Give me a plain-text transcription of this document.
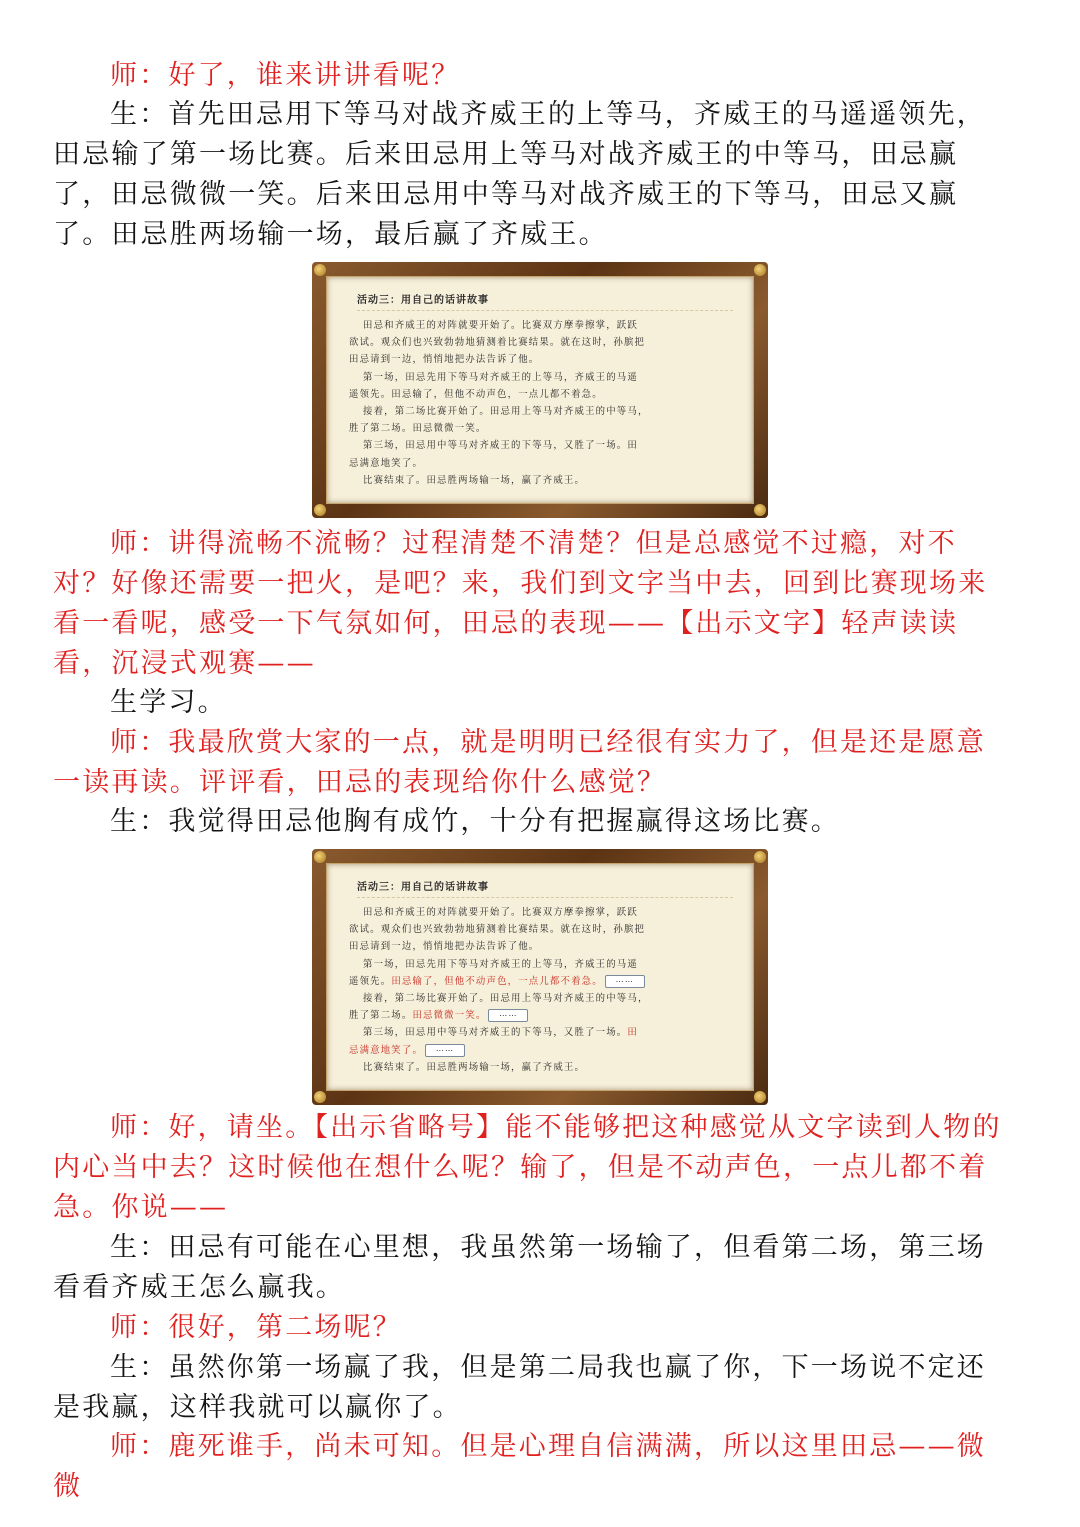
师：好了，谁来讲讲看呢？

生：首先田忌用下等马对战齐威王的上等马，齐威王的马遥遥领先，田忌输了第一场比赛。后来田忌用上等马对战齐威王的中等马，田忌赢了，田忌微微一笑。后来田忌用中等马对战齐威王的下等马，田忌又赢了。田忌胜两场输一场，最后赢了齐威王。

活动三：用自己的话讲故事

田忌和齐威王的对阵就要开始了。比赛双方摩拳擦掌，跃跃

欲试。观众们也兴致勃勃地猜测着比赛结果。就在这时，孙膑把

田忌请到一边，悄悄地把办法告诉了他。

第一场，田忌先用下等马对齐威王的上等马，齐威王的马遥

遥领先。田忌输了，但他不动声色，一点儿都不着急。

接着，第二场比赛开始了。田忌用上等马对齐威王的中等马，

胜了第二场。田忌微微一笑。

第三场，田忌用中等马对齐威王的下等马，又胜了一场。田

忌满意地笑了。

比赛结束了。田忌胜两场输一场，赢了齐威王。

师：讲得流畅不流畅？过程清楚不清楚？但是总感觉不过瘾，对不对？好像还需要一把火，是吧？来，我们到文字当中去，回到比赛现场来看一看呢，感受一下气氛如何，田忌的表现——【出示文字】轻声读读看，沉浸式观赛——

生学习。

师：我最欣赏大家的一点，就是明明已经很有实力了，但是还是愿意一读再读。评评看，田忌的表现给你什么感觉？

生：我觉得田忌他胸有成竹，十分有把握赢得这场比赛。

活动三：用自己的话讲故事

田忌和齐威王的对阵就要开始了。比赛双方摩拳擦掌，跃跃

欲试。观众们也兴致勃勃地猜测着比赛结果。就在这时，孙膑把

田忌请到一边，悄悄地把办法告诉了他。

第一场，田忌先用下等马对齐威王的上等马，齐威王的马遥

遥领先。田忌输了，但他不动声色，一点儿都不着急。 ……

接着，第二场比赛开始了。田忌用上等马对齐威王的中等马，

胜了第二场。田忌微微一笑。 ……

第三场，田忌用中等马对齐威王的下等马，又胜了一场。田

忌满意地笑了。 ……

比赛结束了。田忌胜两场输一场，赢了齐威王。

师：好，请坐。【出示省略号】能不能够把这种感觉从文字读到人物的内心当中去？这时候他在想什么呢？输了，但是不动声色，一点儿都不着急。你说——

生：田忌有可能在心里想，我虽然第一场输了，但看第二场，第三场看看齐威王怎么赢我。

师：很好，第二场呢？

生：虽然你第一场赢了我，但是第二局我也赢了你，下一场说不定还是我赢，这样我就可以赢你了。

师：鹿死谁手，尚未可知。但是心理自信满满，所以这里田忌——微微
